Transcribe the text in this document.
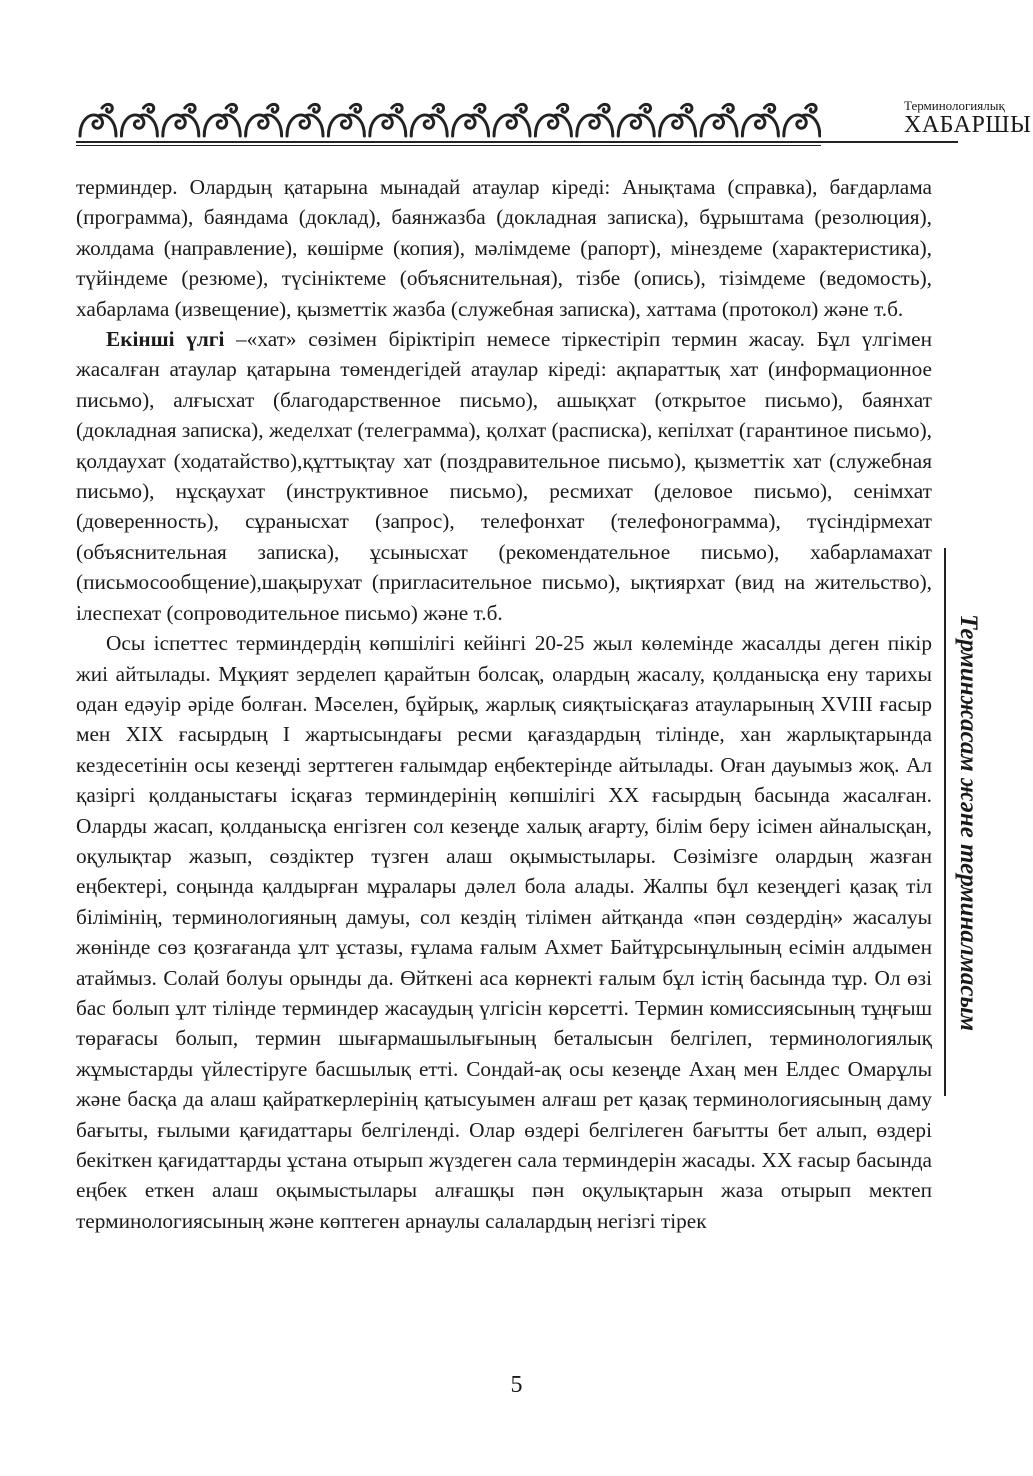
Терминологиялық
ХАБАРШЫ

терминдер. Олардың қатарына мынадай атаулар кіреді: Анықтама (справка), бағдарлама (программа), баяндама (доклад), баянжазба (докладная записка), бұрыштама (резолюция), жолдама (направление), көшірме (копия), мәлімдеме (рапорт), мінездеме (характеристика), түйіндеме (резюме), түсініктеме (объяснительная), тізбе (опись), тізімдеме (ведомость), хабарлама (извещение), қызметтік жазба (служебная записка), хаттама (протокол) және т.б.

Екінші үлгі –«хат» сөзімен біріктіріп немесе тіркестіріп термин жасау. Бұл үлгімен жасалған атаулар қатарына төмендегідей атаулар кіреді: ақпараттық хат (информационное письмо), алғысхат (благодарственное письмо), ашықхат (открытое письмо), баянхат (докладная записка), жеделхат (телеграмма), қолхат (расписка), кепілхат (гарантиное письмо), қолдаухат (ходатайство),құттықтау хат (поздравительное письмо), қызметтік хат (служебная письмо), нұсқаухат (инструктивное письмо), ресмихат (деловое письмо), сенімхат (доверенность), сұранысхат (запрос), телефонхат (телефонограмма), түсіндірмехат (объяснительная записка), ұсынысхат (рекомендательное письмо), хабарламахат (письмосообщение),шақырухат (пригласительное письмо), ықтиярхат (вид на жительство), ілеспехат (сопроводительное письмо) және т.б.

Осы іспеттес терминдердің көпшілігі кейінгі 20-25 жыл көлемінде жасалды деген пікір жиі айтылады. Мұқият зерделеп қарайтын болсақ, олардың жасалу, қолданысқа ену тарихы одан едәуір әріде болған. Мәселен, бұйрық, жарлық сияқтыісқағаз атауларының XVIII ғасыр мен XIX ғасырдың I жартысындағы ресми қағаздардың тілінде, хан жарлықтарында кездесетінін осы кезеңді зерттеген ғалымдар еңбектерінде айтылады. Оған дауымыз жоқ. Ал қазіргі қолданыстағы ісқағаз терминдерінің көпшілігі XX ғасырдың басында жасалған. Оларды жасап, қолданысқа енгізген сол кезеңде халық ағарту, білім беру ісімен айналысқан, оқулықтар жазып, сөздіктер түзген алаш оқымыстылары. Сөзімізге олардың жазған еңбектері, соңында қалдырған мұралары дәлел бола алады. Жалпы бұл кезеңдегі қазақ тіл білімінің, терминологияның дамуы, сол кездің тілімен айтқанда «пән сөздердің» жасалуы жөнінде сөз қозғағанда ұлт ұстазы, ғұлама ғалым Ахмет Байтұрсынұлының есімін алдымен атаймыз. Солай болуы орынды да. Өйткені аса көрнекті ғалым бұл істің басында тұр. Ол өзі бас болып ұлт тілінде терминдер жасаудың үлгісін көрсетті. Термин комиссиясының тұңғыш төрағасы болып, термин шығармашылығының беталысын белгілеп, терминологиялық жұмыстарды үйлестіруге басшылық етті. Сондай-ақ осы кезеңде Ахаң мен Елдес Омарұлы және басқа да алаш қайраткерлерінің қатысуымен алғаш рет қазақ терминологиясының даму бағыты, ғылыми қағидаттары белгіленді. Олар өздері белгілеген бағытты бет алып, өздері бекіткен қағидаттарды ұстана отырып жүздеген сала терминдерін жасады. XX ғасыр басында еңбек еткен алаш оқымыстылары алғашқы пән оқулықтарын жаза отырып мектеп терминологиясының және көптеген арнаулы салалардың негізгі тірек

Терминжасам және терминалмасым
5
